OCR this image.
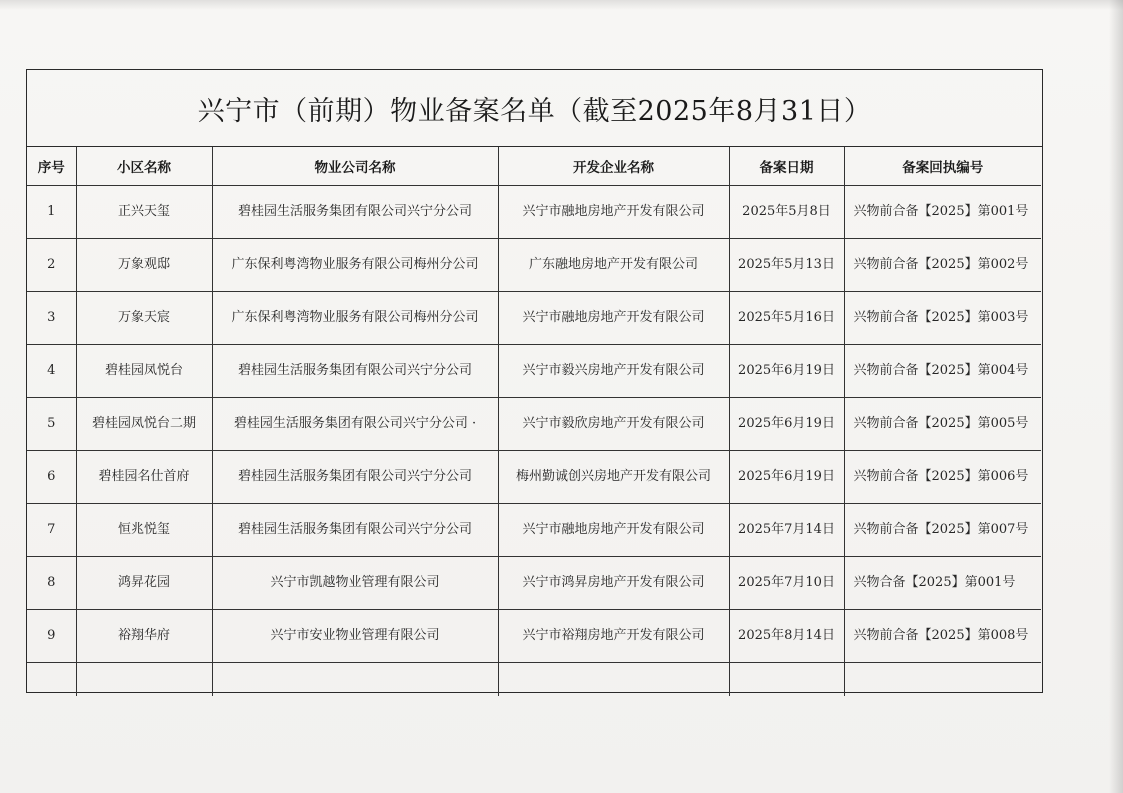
兴宁市（前期）物业备案名单（截至2025年8月31日）
序号	小区名称	物业公司名称	开发企业名称	备案日期	备案回执编号
1	正兴天玺	碧桂园生活服务集团有限公司兴宁分公司	兴宁市融地房地产开发有限公司	2025年5月8日	兴物前合备【2025】第001号
2	万象观邸	广东保利粤湾物业服务有限公司梅州分公司	广东融地房地产开发有限公司	2025年5月13日	兴物前合备【2025】第002号
3	万象天宸	广东保利粤湾物业服务有限公司梅州分公司	兴宁市融地房地产开发有限公司	2025年5月16日	兴物前合备【2025】第003号
4	碧桂园凤悦台	碧桂园生活服务集团有限公司兴宁分公司	兴宁市毅兴房地产开发有限公司	2025年6月19日	兴物前合备【2025】第004号
5	碧桂园凤悦台二期	碧桂园生活服务集团有限公司兴宁分公司 ·	兴宁市毅欣房地产开发有限公司	2025年6月19日	兴物前合备【2025】第005号
6	碧桂园名仕首府	碧桂园生活服务集团有限公司兴宁分公司	梅州勤诚创兴房地产开发有限公司	2025年6月19日	兴物前合备【2025】第006号
7	恒兆悦玺	碧桂园生活服务集团有限公司兴宁分公司	兴宁市融地房地产开发有限公司	2025年7月14日	兴物前合备【2025】第007号
8	鸿昇花园	兴宁市凯越物业管理有限公司	兴宁市鸿昇房地产开发有限公司	2025年7月10日	兴物合备【2025】第001号
9	裕翔华府	兴宁市安业物业管理有限公司	兴宁市裕翔房地产开发有限公司	2025年8月14日	兴物前合备【2025】第008号
